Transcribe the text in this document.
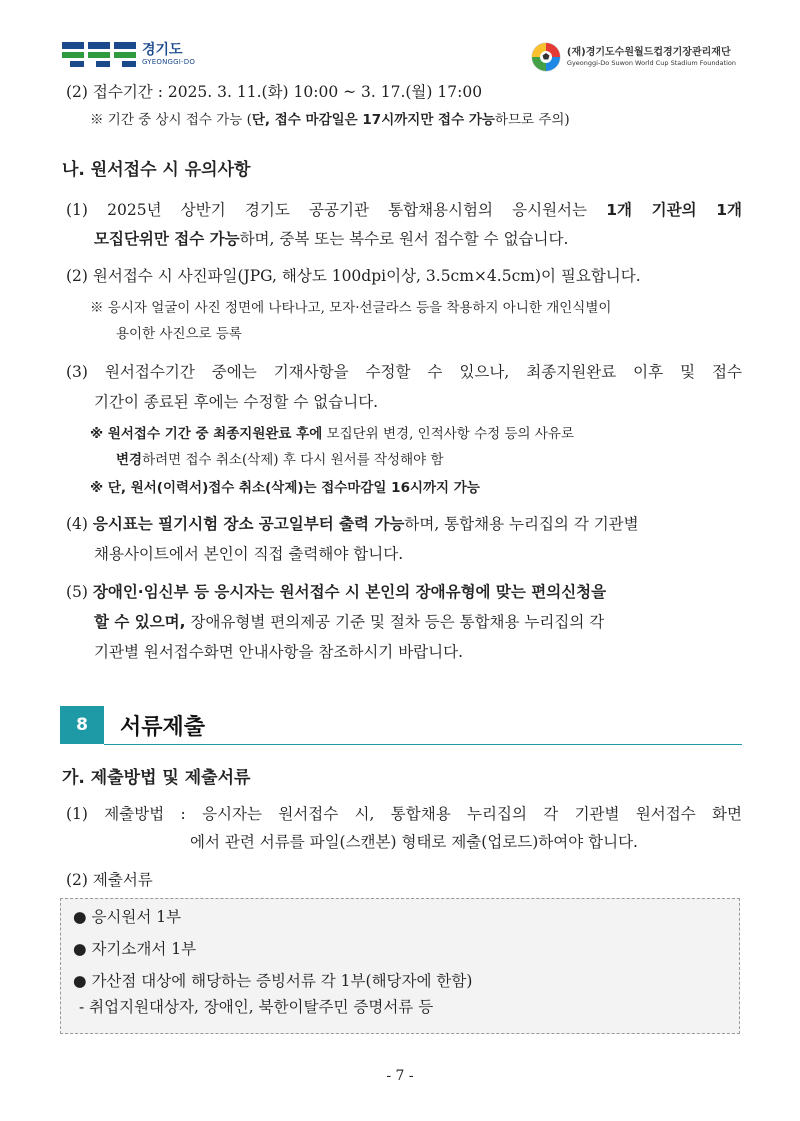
경기도
GYEONGGI-DO
(재)경기도수원월드컵경기장관리재단
Gyeonggi-Do Suwon World Cup Stadium Foundation
(2) 접수기간 : 2025. 3. 11.(화) 10:00 ~ 3. 17.(월) 17:00
※ 기간 중 상시 접수 가능 (단, 접수 마감일은 17시까지만 접수 가능하므로 주의)
나. 원서접수 시 유의사항
(1) 2025년 상반기 경기도 공공기관 통합채용시험의 응시원서는 1개 기관의 1개
모집단위만 접수 가능하며, 중복 또는 복수로 원서 접수할 수 없습니다.
(2) 원서접수 시 사진파일(JPG, 해상도 100dpi이상, 3.5cm×4.5cm)이 필요합니다.
※ 응시자 얼굴이 사진 정면에 나타나고, 모자·선글라스 등을 착용하지 아니한 개인식별이
용이한 사진으로 등록
(3) 원서접수기간 중에는 기재사항을 수정할 수 있으나, 최종지원완료 이후 및 접수
기간이 종료된 후에는 수정할 수 없습니다.
※ 원서접수 기간 중 최종지원완료 후에 모집단위 변경, 인적사항 수정 등의 사유로
변경하려면 접수 취소(삭제) 후 다시 원서를 작성해야 함
※ 단, 원서(이력서)접수 취소(삭제)는 접수마감일 16시까지 가능
(4) 응시표는 필기시험 장소 공고일부터 출력 가능하며, 통합채용 누리집의 각 기관별
채용사이트에서 본인이 직접 출력해야 합니다.
(5) 장애인·임신부 등 응시자는 원서접수 시 본인의 장애유형에 맞는 편의신청을
할 수 있으며, 장애유형별 편의제공 기준 및 절차 등은 통합채용 누리집의 각
기관별 원서접수화면 안내사항을 참조하시기 바랍니다.
8	서류제출
가. 제출방법 및 제출서류
(1) 제출방법 : 응시자는 원서접수 시, 통합채용 누리집의 각 기관별 원서접수 화면
에서 관련 서류를 파일(스캔본) 형태로 제출(업로드)하여야 합니다.
(2) 제출서류
● 응시원서 1부
● 자기소개서 1부
● 가산점 대상에 해당하는 증빙서류 각 1부(해당자에 한함)
- 취업지원대상자, 장애인, 북한이탈주민 증명서류 등
- 7 -
